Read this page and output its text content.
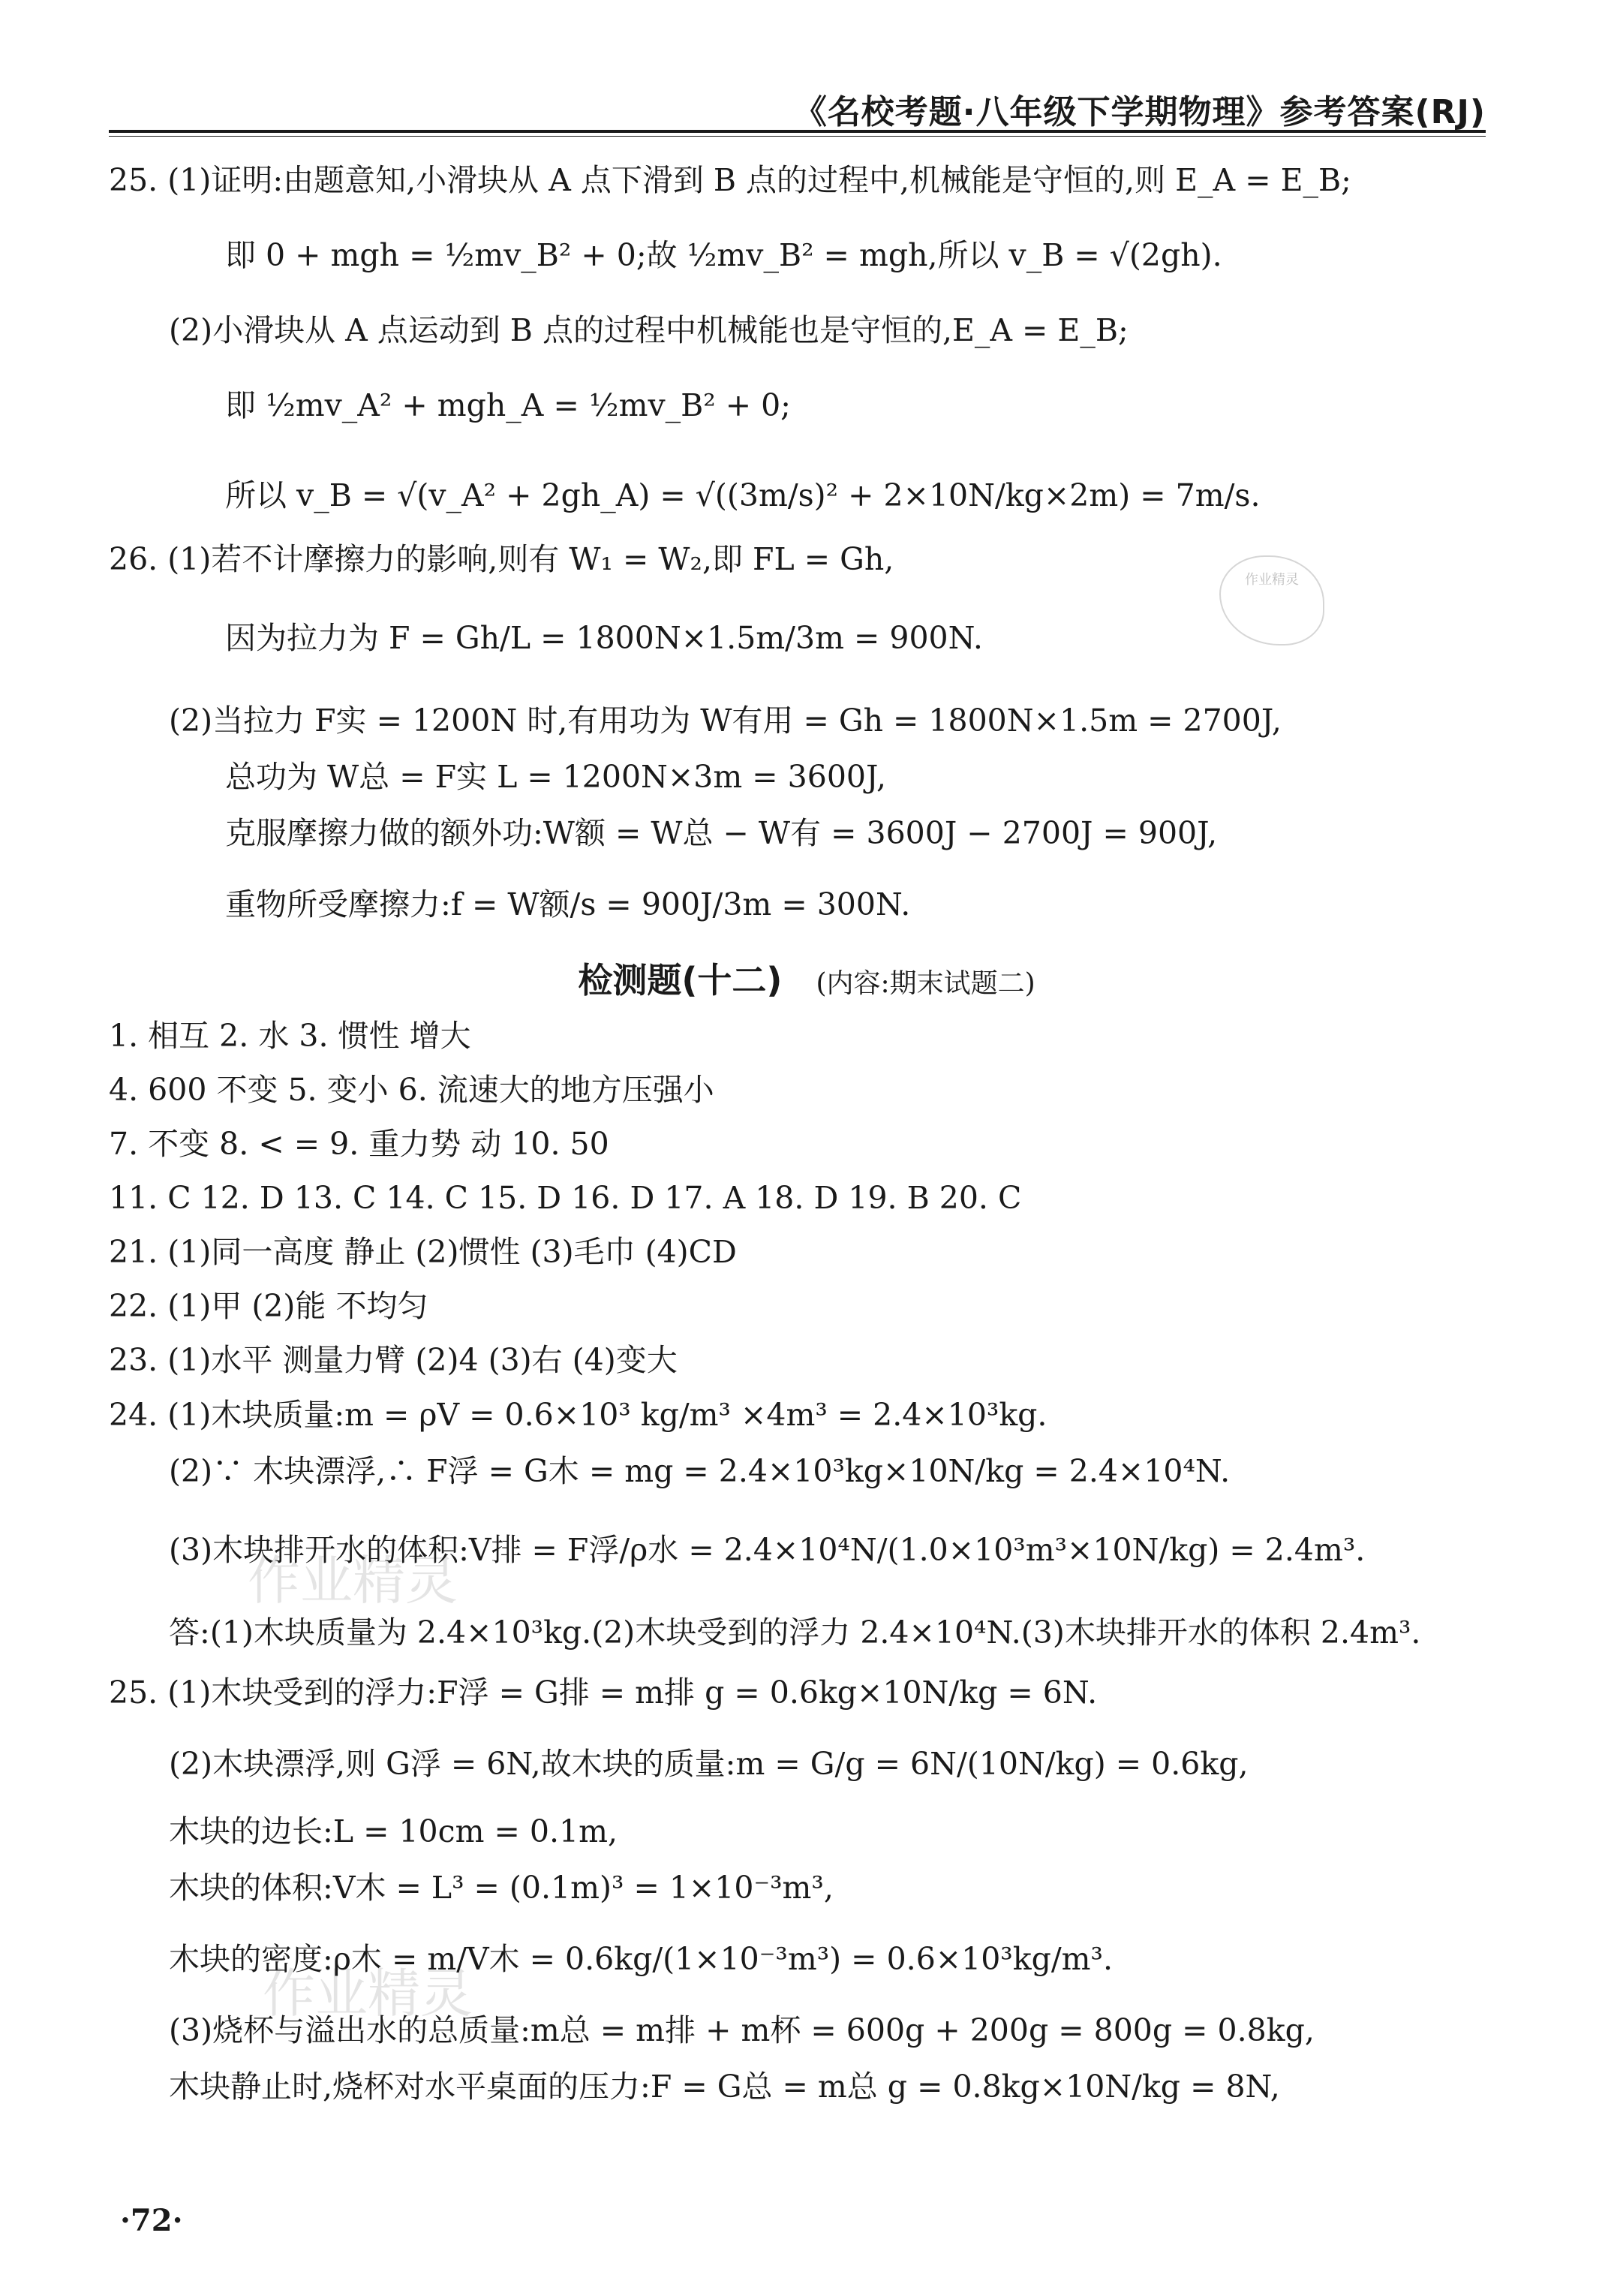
《名校考题·八年级下学期物理》参考答案(RJ)
作业精灵
作业精灵
作业精灵
25. (1)证明:由题意知,小滑块从 A 点下滑到 B 点的过程中,机械能是守恒的,则 E_A = E_B;
即 0 + mgh = ½mv_B² + 0;故 ½mv_B² = mgh,所以 v_B = √(2gh).
(2)小滑块从 A 点运动到 B 点的过程中机械能也是守恒的,E_A = E_B;
即 ½mv_A² + mgh_A = ½mv_B² + 0;
所以 v_B = √(v_A² + 2gh_A) = √((3m/s)² + 2×10N/kg×2m) = 7m/s.
26. (1)若不计摩擦力的影响,则有 W₁ = W₂,即 FL = Gh,
因为拉力为 F = Gh/L = 1800N×1.5m/3m = 900N.
(2)当拉力 F实 = 1200N 时,有用功为 W有用 = Gh = 1800N×1.5m = 2700J,
总功为 W总 = F实 L = 1200N×3m = 3600J,
克服摩擦力做的额外功:W额 = W总 − W有 = 3600J − 2700J = 900J,
重物所受摩擦力:f = W额/s = 900J/3m = 300N.
检测题(十二) (内容:期末试题二)
1. 相互 2. 水 3. 惯性 增大
4. 600 不变 5. 变小 6. 流速大的地方压强小
7. 不变 8. < = 9. 重力势 动 10. 50
11. C 12. D 13. C 14. C 15. D 16. D 17. A 18. D 19. B 20. C
21. (1)同一高度 静止 (2)惯性 (3)毛巾 (4)CD
22. (1)甲 (2)能 不均匀
23. (1)水平 测量力臂 (2)4 (3)右 (4)变大
24. (1)木块质量:m = ρV = 0.6×10³ kg/m³ ×4m³ = 2.4×10³kg.
(2)∵ 木块漂浮,∴ F浮 = G木 = mg = 2.4×10³kg×10N/kg = 2.4×10⁴N.
(3)木块排开水的体积:V排 = F浮/ρ水 = 2.4×10⁴N/(1.0×10³m³×10N/kg) = 2.4m³.
答:(1)木块质量为 2.4×10³kg.(2)木块受到的浮力 2.4×10⁴N.(3)木块排开水的体积 2.4m³.
25. (1)木块受到的浮力:F浮 = G排 = m排 g = 0.6kg×10N/kg = 6N.
(2)木块漂浮,则 G浮 = 6N,故木块的质量:m = G/g = 6N/(10N/kg) = 0.6kg,
木块的边长:L = 10cm = 0.1m,
木块的体积:V木 = L³ = (0.1m)³ = 1×10⁻³m³,
木块的密度:ρ木 = m/V木 = 0.6kg/(1×10⁻³m³) = 0.6×10³kg/m³.
(3)烧杯与溢出水的总质量:m总 = m排 + m杯 = 600g + 200g = 800g = 0.8kg,
木块静止时,烧杯对水平桌面的压力:F = G总 = m总 g = 0.8kg×10N/kg = 8N,
·72·
